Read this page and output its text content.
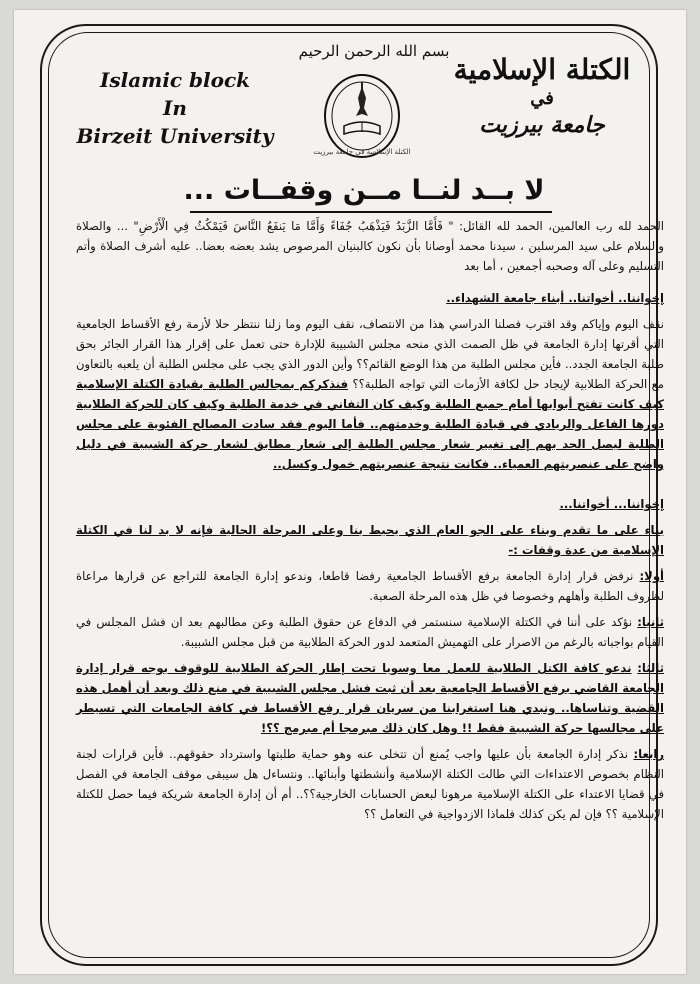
Islamic block
In
Birzeit University
بسم الله الرحمن الرحيم
الكتلة الإسلامية في جامعة بيرزيت
الكتلة الإسلامية
في
جامعة بيرزيت
لا بــد لنــا مــن وقفــات ...

الحمد لله رب العالمين، الحمد لله القائل: " فَأَمَّا الزَّبَدُ فَيَذْهَبُ جُفَاءً وَأَمَّا مَا يَنفَعُ النَّاسَ فَيَمْكُثُ فِي الْأَرْضِ" ... والصلاة والسلام على سيد المرسلين ، سيدنا محمد أوصانا بأن نكون كالبنيان المرصوص يشد بعضه بعضا.. عليه أشرف الصلاة وأتم التسليم وعلى آله وصحبه أجمعين ، أما بعد

إخواننا.. أخواتنا.. أبناء جامعة الشهداء..

نقف اليوم وإياكم وقد اقترب فصلنا الدراسي هذا من الانتصاف، نقف اليوم وما زلنا ننتظر حلا لأزمة رفع الأقساط الجامعية التي أقرتها إدارة الجامعة في ظل الصمت الذي منحه مجلس الشبيبة للإدارة حتى تعمل على إقرار هذا القرار الجائر بحق طلبة الجامعة الجدد.. فأين مجلس الطلبة من هذا الوضع القائم؟؟ وأين الدور الذي يجب على مجلس الطلبة أن يلعبه بالتعاون مع الحركة الطلابية لإيجاد حل لكافة الأزمات التي تواجه الطلبة؟؟ فنذكركم بمجالس الطلبة بقيادة الكتلة الإسلامية كيف كانت تفتح أبوابها أمام جميع الطلبة وكيف كان التفاني في خدمة الطلبة وكيف كان للحركة الطلابية دورها الفاعل والريادي في قيادة الطلبة وخدمتهم.. فأما اليوم فقد سادت المصالح الفئوية على مجلس الطلبة ليصل الحد بهم إلى تغيير شعار مجلس الطلبة إلى شعار مطابق لشعار حركة الشبيبة في دليل واضح على عنصريتهم العمياء.. فكانت نتيجة عنصريتهم خمول وكسل..

إخواننا... أخواتنا...

بناء على ما تقدم وبناء على الجو العام الذي يحيط بنا وعلى المرحلة الحالية فإنه لا بد لنا في الكتلة الإسلامية من عدة وقفات :-

أولا: نرفض قرار إدارة الجامعة برفع الأقساط الجامعية رفضا قاطعا، وندعو إدارة الجامعة للتراجع عن قرارها مراعاة لظروف الطلبة وأهلهم وخصوصا في ظل هذه المرحلة الصعبة.

ثانيا: نؤكد على أننا في الكتلة الإسلامية سنستمر في الدفاع عن حقوق الطلبة وعن مطالبهم بعد ان فشل المجلس في القيام بواجباته بالرغم من الاصرار على التهميش المتعمد لدور الحركة الطلابية من قبل مجلس الشبيبة.

ثالثا: ندعو كافة الكتل الطلابية للعمل معا وسويا تحت إطار الحركة الطلابية للوقوف بوجه قرار إدارة الجامعة القاضي برفع الأقساط الجامعية بعد أن ثبت فشل مجلس الشبيبة في منع ذلك وبعد أن أهمل هذه القضية وتناساها.. ونبدي هنا استغرابنا من سريان قرار رفع الأقساط في كافة الجامعات التي تسيطر على مجالسها حركة الشبيبة فقط !! وهل كان ذلك مبرمجا أم مبرمج ؟؟!

رابعا: نذكر إدارة الجامعة بأن عليها واجب يُمنع أن تتخلى عنه وهو حماية طلبتها واسترداد حقوقهم.. فأين قرارات لجنة النظام بخصوص الاعتداءات التي طالت الكتلة الإسلامية وأنشطتها وأبنائها.. ونتساءل هل سيبقى موقف الجامعة في الفصل في قضايا الاعتداء على الكتلة الإسلامية مرهونا لبعض الحسابات الخارجية؟؟.. أم أن إدارة الجامعة شريكة فيما حصل للكتلة الإسلامية ؟؟ فإن لم يكن كذلك فلماذا الازدواجية في التعامل ؟؟
